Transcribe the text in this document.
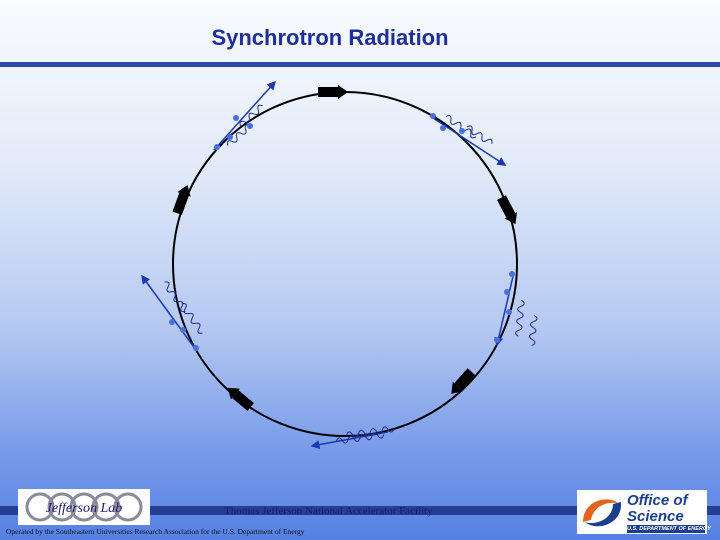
Synchrotron Radiation
Jefferson Lab	Thomas Jefferson National Accelerator Facility
Operated by the Southeastern Universities Research Association for the U.S. Department of Energy
Office of
Science
U.S. DEPARTMENT OF ENERGY
